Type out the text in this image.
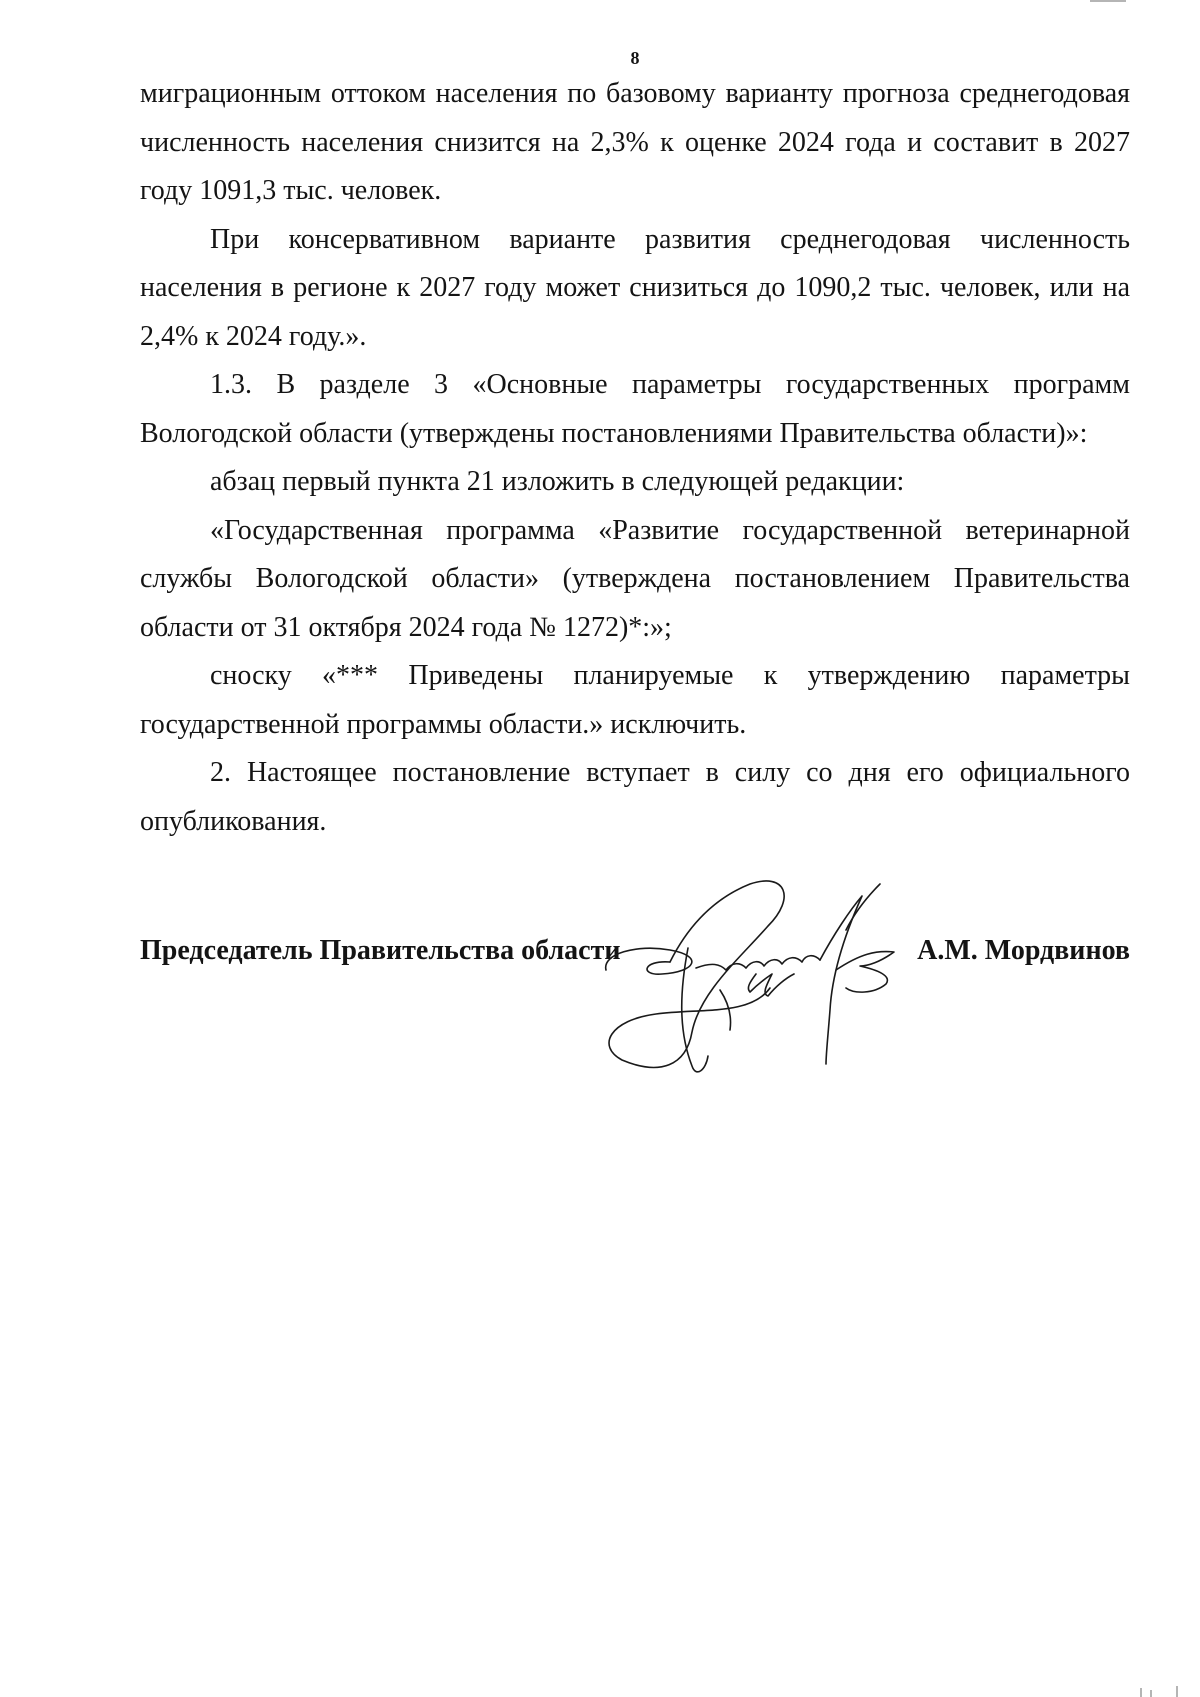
8

миграционным оттоком населения по базовому варианту прогноза среднегодовая численность населения снизится на 2,3% к оценке 2024 года и составит в 2027 году 1091,3 тыс. человек.

При консервативном варианте развития среднегодовая численность населения в регионе к 2027 году может снизиться до 1090,2 тыс. человек, или на 2,4% к 2024 году.».

1.3. В разделе 3 «Основные параметры государственных программ Вологодской области (утверждены постановлениями Правительства области)»:

абзац первый пункта 21 изложить в следующей редакции:

«Государственная программа «Развитие государственной ветеринарной службы Вологодской области» (утверждена постановлением Правительства области от 31 октября 2024 года № 1272)*:»;

сноску «*** Приведены планируемые к утверждению параметры государственной программы области.» исключить.

2. Настоящее постановление вступает в силу со дня его официального опубликования.

Председатель Правительства области	А.М. Мордвинов
